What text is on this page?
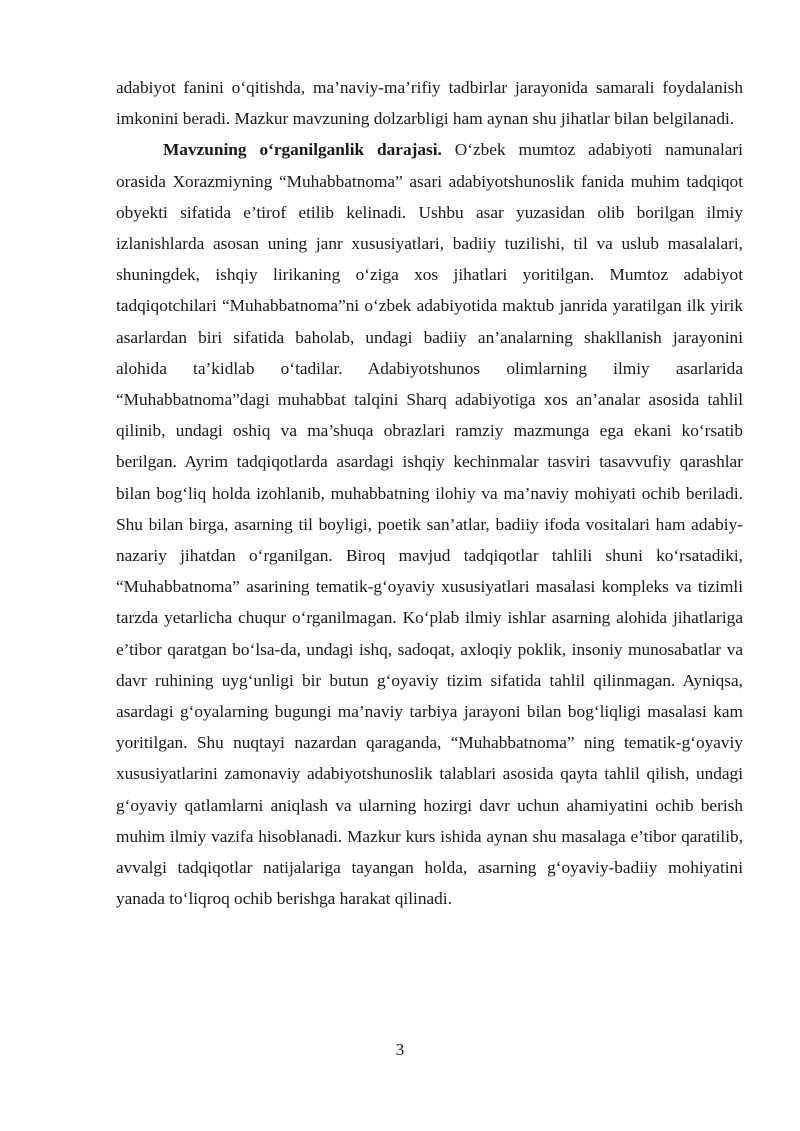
adabiyot fanini o‘qitishda, ma’naviy-ma’rifiy tadbirlar jarayonida samarali foydalanish imkonini beradi. Mazkur mavzuning dolzarbligi ham aynan shu jihatlar bilan belgilanadi.

Mavzuning o‘rganilganlik darajasi. O‘zbek mumtoz adabiyoti namunalari orasida Xorazmiyning “Muhabbatnoma” asari adabiyotshunoslik fanida muhim tadqiqot obyekti sifatida e’tirof etilib kelinadi. Ushbu asar yuzasidan olib borilgan ilmiy izlanishlarda asosan uning janr xususiyatlari, badiiy tuzilishi, til va uslub masalalari, shuningdek, ishqiy lirikaning o‘ziga xos jihatlari yoritilgan. Mumtoz adabiyot tadqiqotchilari “Muhabbatnoma”ni o‘zbek adabiyotida maktub janrida yaratilgan ilk yirik asarlardan biri sifatida baholab, undagi badiiy an’analarning shakllanish jarayonini alohida ta’kidlab o‘tadilar. Adabiyotshunos olimlarning ilmiy asarlarida “Muhabbatnoma”dagi muhabbat talqini Sharq adabiyotiga xos an’analar asosida tahlil qilinib, undagi oshiq va ma’shuqa obrazlari ramziy mazmunga ega ekani ko‘rsatib berilgan. Ayrim tadqiqotlarda asardagi ishqiy kechinmalar tasviri tasavvufiy qarashlar bilan bog‘liq holda izohlanib, muhabbatning ilohiy va ma’naviy mohiyati ochib beriladi. Shu bilan birga, asarning til boyligi, poetik san’atlar, badiiy ifoda vositalari ham adabiy-nazariy jihatdan o‘rganilgan. Biroq mavjud tadqiqotlar tahlili shuni ko‘rsatadiki, “Muhabbatnoma” asarining tematik-g‘oyaviy xususiyatlari masalasi kompleks va tizimli tarzda yetarlicha chuqur o‘rganilmagan. Ko‘plab ilmiy ishlar asarning alohida jihatlariga e’tibor qaratgan bo‘lsa-da, undagi ishq, sadoqat, axloqiy poklik, insoniy munosabatlar va davr ruhining uyg‘unligi bir butun g‘oyaviy tizim sifatida tahlil qilinmagan. Ayniqsa, asardagi g‘oyalarning bugungi ma’naviy tarbiya jarayoni bilan bog‘liqligi masalasi kam yoritilgan. Shu nuqtayi nazardan qaraganda, “Muhabbatnoma” ning tematik-g‘oyaviy xususiyatlarini zamonaviy adabiyotshunoslik talablari asosida qayta tahlil qilish, undagi g‘oyaviy qatlamlarni aniqlash va ularning hozirgi davr uchun ahamiyatini ochib berish muhim ilmiy vazifa hisoblanadi. Mazkur kurs ishida aynan shu masalaga e’tibor qaratilib, avvalgi tadqiqotlar natijalariga tayangan holda, asarning g‘oyaviy-badiiy mohiyatini yanada to‘liqroq ochib berishga harakat qilinadi.

3
